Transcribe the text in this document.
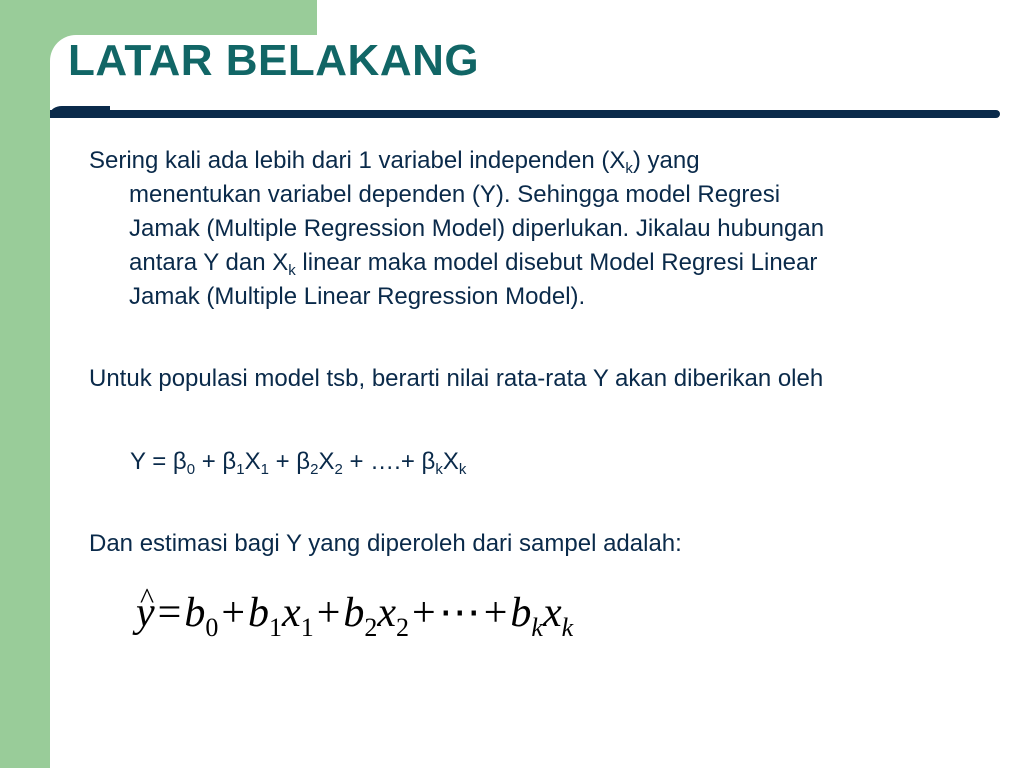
LATAR BELAKANG
Sering kali ada lebih dari 1 variabel independen $(X_k)$ yang
menentukan variabel dependen (Y). Sehingga model Regresi
Jamak (Multiple Regression Model) diperlukan. Jikalau hubungan
antara Y dan $X_k$ linear maka model disebut Model Regresi Linear
Jamak (Multiple Linear Regression Model).
Untuk populasi model tsb, berarti nilai rata-rata Y akan diberikan oleh
$Y = \beta_0 + \beta_1X_1 + \beta_2X_2$ + ….+ $\beta_kX_k$
Dan estimasi bagi Y yang diperoleh dari sampel adalah:
^ $y=b_0+b_1x_1+b_2x_2+\cdots+b_kx_k$
